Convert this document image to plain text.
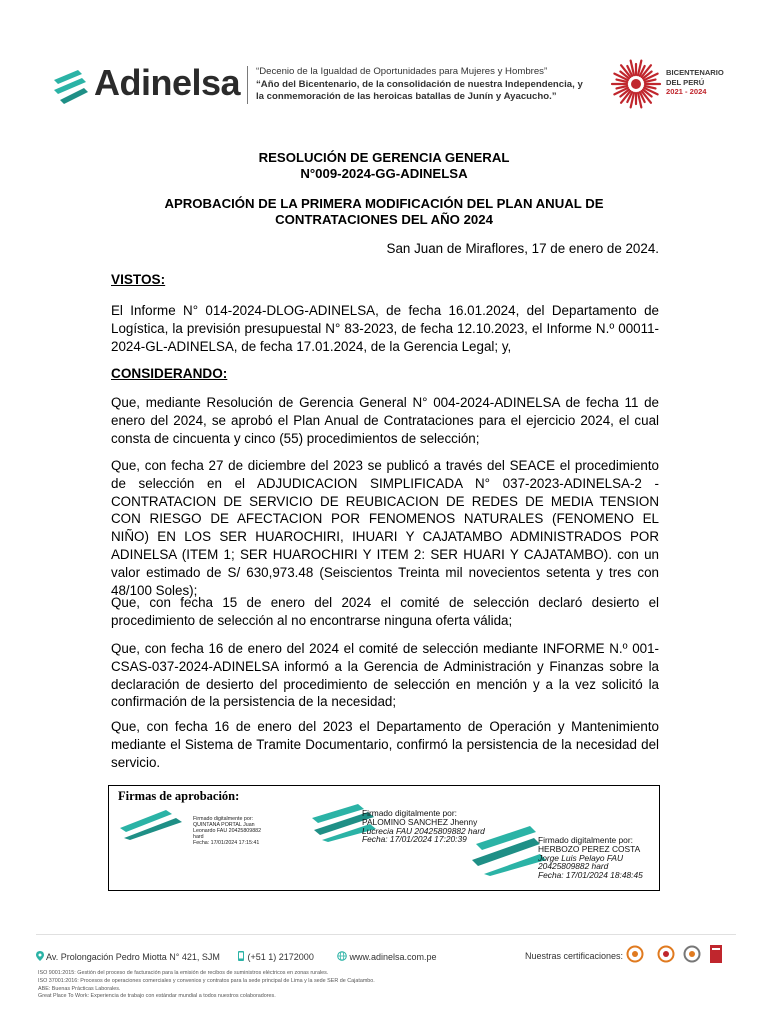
Adinelsa “Decenio de la Igualdad de Oportunidades para Mujeres y Hombres”
“Año del Bicentenario, de la consolidación de nuestra Independencia, y
la conmemoración de las heroicas batallas de Junín y Ayacucho.”
BICENTENARIO
DEL PERÚ
2021 - 2024
RESOLUCIÓN DE GERENCIA GENERAL
N°009-2024-GG-ADINELSA
APROBACIÓN DE LA PRIMERA MODIFICACIÓN DEL PLAN ANUAL DE
CONTRATACIONES DEL AÑO 2024
San Juan de Miraflores, 17 de enero de 2024.
VISTOS:
El Informe N° 014-2024-DLOG-ADINELSA, de fecha 16.01.2024, del Departamento de Logística, la previsión presupuestal N° 83-2023, de fecha 12.10.2023, el Informe N.º 00011-2024-GL-ADINELSA, de fecha 17.01.2024, de la Gerencia Legal; y,
CONSIDERANDO:
Que, mediante Resolución de Gerencia General N° 004-2024-ADINELSA de fecha 11 de enero del 2024, se aprobó el Plan Anual de Contrataciones para el ejercicio 2024, el cual consta de cincuenta y cinco (55) procedimientos de selección;
Que, con fecha 27 de diciembre del 2023 se publicó a través del SEACE el procedimiento de selección en el ADJUDICACION SIMPLIFICADA N° 037-2023-ADINELSA-2 - CONTRATACION DE SERVICIO DE REUBICACION DE REDES DE MEDIA TENSION CON RIESGO DE AFECTACION POR FENOMENOS NATURALES (FENOMENO EL NIÑO) EN LOS SER HUAROCHIRI, IHUARI Y CAJATAMBO ADMINISTRADOS POR ADINELSA (ITEM 1; SER HUAROCHIRI Y ITEM 2: SER HUARI Y CAJATAMBO). con un valor estimado de S/ 630,973.48 (Seiscientos Treinta mil novecientos setenta y tres con 48/100 Soles);
Que, con fecha 15 de enero del 2024 el comité de selección declaró desierto el procedimiento de selección al no encontrarse ninguna oferta válida;
Que, con fecha 16 de enero del 2024 el comité de selección mediante INFORME N.º 001-CSAS-037-2024-ADINELSA informó a la Gerencia de Administración y Finanzas sobre la declaración de desierto del procedimiento de selección en mención y a la vez solicitó la confirmación de la persistencia de la necesidad;
Que, con fecha 16 de enero del 2023 el Departamento de Operación y Mantenimiento mediante el Sistema de Tramite Documentario, confirmó la persistencia de la necesidad del servicio.
Firmas de aprobación:
Firmado digitalmente por:
QUINTANA PORTAL Juan
Leonardo FAU 20425809882
hard
Fecha: 17/01/2024 17:15:41
Firmado digitalmente por:
PALOMINO SANCHEZ Jhenny
Lucrecia FAU 20425809882 hard
Fecha: 17/01/2024 17:20:39	Firmado digitalmente por:
HERBOZO PEREZ COSTA
Jorge Luis Pelayo FAU
20425809882 hard
Fecha: 17/01/2024 18:48:45
Av. Prolongación Pedro Miotta N° 421, SJM	(+51 1) 2172000	www.adinelsa.com.pe	Nuestras certificaciones:
ISO 9001:2015: Gestión del proceso de facturación para la emisión de recibos de suministros eléctricos en zonas rurales.
ISO 37001:2016: Procesos de operaciones comerciales y convenios y contratos para la sede principal de Lima y la sede SER de Cajatambo.
ABE: Buenas Prácticas Laborales.
Great Place To Work: Experiencia de trabajo con estándar mundial a todos nuestros colaboradores.
